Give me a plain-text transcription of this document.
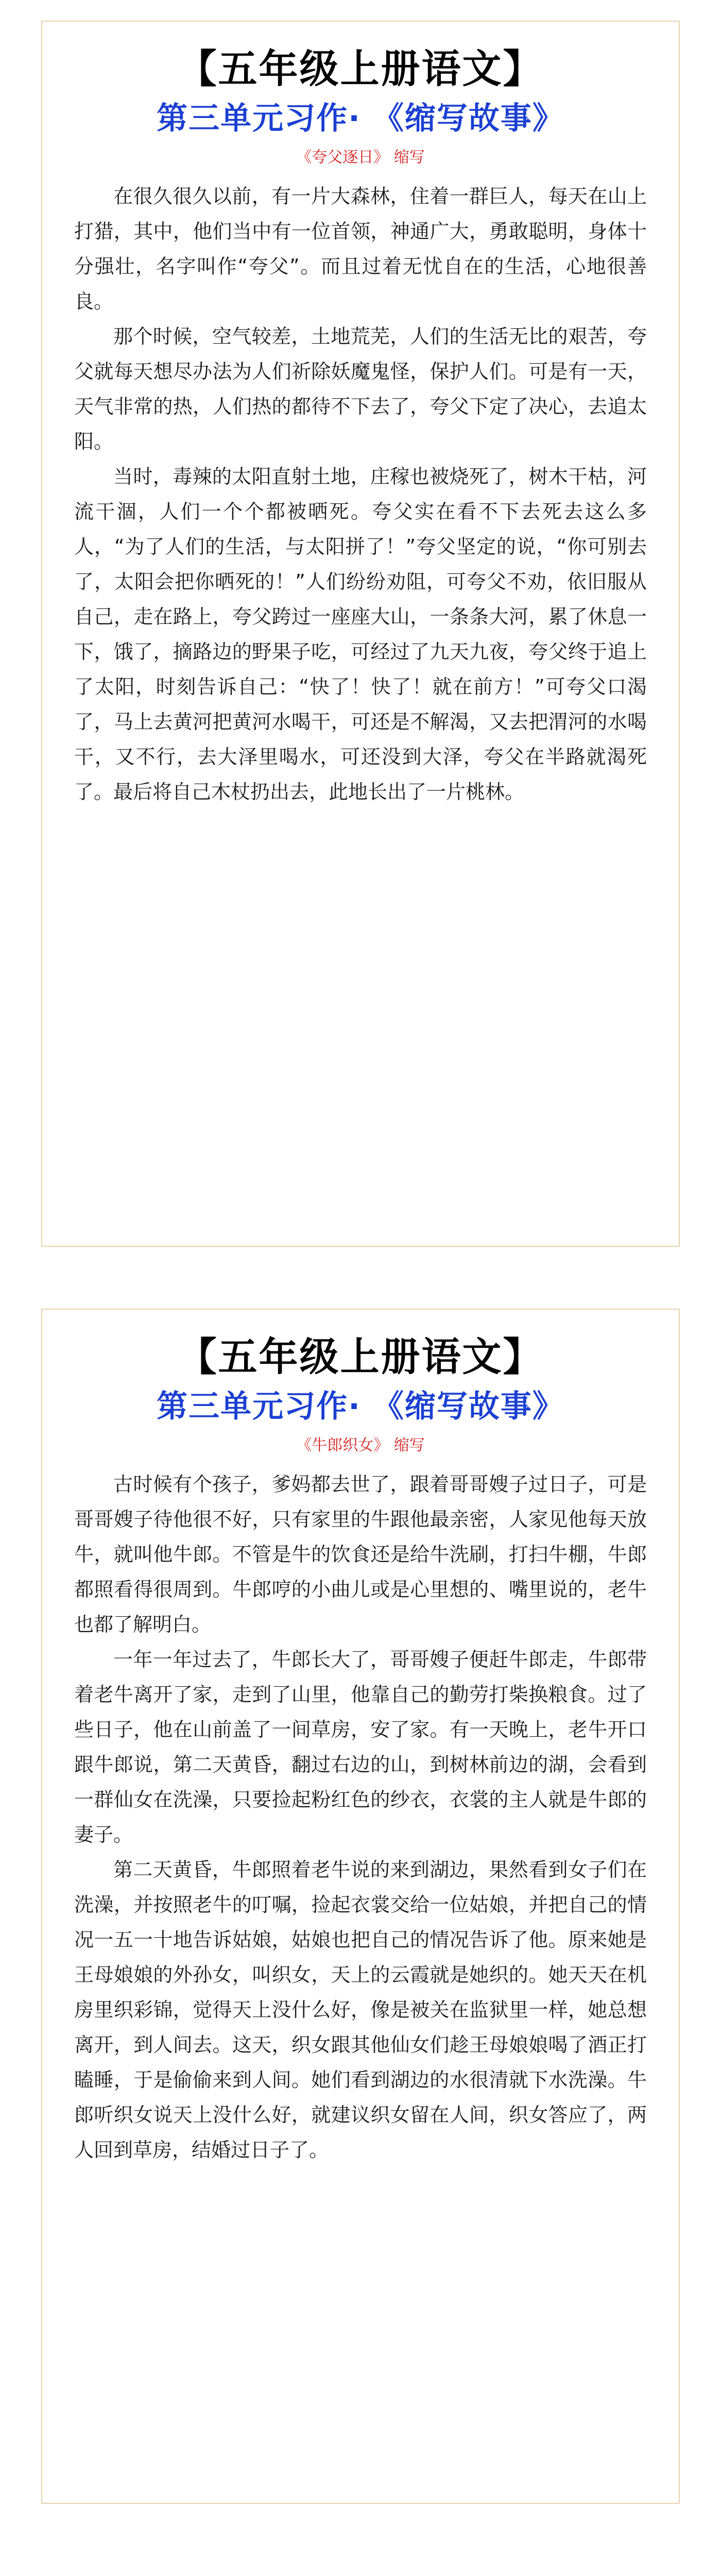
【五年级上册语文】
第三单元习作· 《缩写故事》
《夸父逐日》 缩写

在很久很久以前，有一片大森林，住着一群巨人，每天在山上打猎，其中，他们当中有一位首领，神通广大，勇敢聪明，身体十分强壮，名字叫作“夸父”。而且过着无忧自在的生活，心地很善良。

那个时候，空气较差，土地荒芜，人们的生活无比的艰苦，夸父就每天想尽办法为人们祈除妖魔鬼怪，保护人们。可是有一天，天气非常的热，人们热的都待不下去了，夸父下定了决心，去追太阳。

当时，毒辣的太阳直射土地，庄稼也被烧死了，树木干枯，河流干涸，人们一个个都被晒死。夸父实在看不下去死去这么多人，“为了人们的生活，与太阳拼了！”夸父坚定的说，“你可别去了，太阳会把你晒死的！”人们纷纷劝阻，可夸父不劝，依旧服从自己，走在路上，夸父跨过一座座大山，一条条大河，累了休息一下，饿了，摘路边的野果子吃，可经过了九天九夜，夸父终于追上了太阳，时刻告诉自己：“快了！快了！就在前方！”可夸父口渴了，马上去黄河把黄河水喝干，可还是不解渴，又去把渭河的水喝干，又不行，去大泽里喝水，可还没到大泽，夸父在半路就渴死了。最后将自己木杖扔出去，此地长出了一片桃林。

【五年级上册语文】
第三单元习作· 《缩写故事》
《牛郎织女》 缩写

古时候有个孩子，爹妈都去世了，跟着哥哥嫂子过日子，可是哥哥嫂子待他很不好，只有家里的牛跟他最亲密，人家见他每天放牛，就叫他牛郎。不管是牛的饮食还是给牛洗刷，打扫牛棚，牛郎都照看得很周到。牛郎哼的小曲儿或是心里想的、嘴里说的，老牛也都了解明白。

一年一年过去了，牛郎长大了，哥哥嫂子便赶牛郎走，牛郎带着老牛离开了家，走到了山里，他靠自己的勤劳打柴换粮食。过了些日子，他在山前盖了一间草房，安了家。有一天晚上，老牛开口跟牛郎说，第二天黄昏，翻过右边的山，到树林前边的湖，会看到一群仙女在洗澡，只要捡起粉红色的纱衣，衣裳的主人就是牛郎的妻子。

第二天黄昏，牛郎照着老牛说的来到湖边，果然看到女子们在洗澡，并按照老牛的叮嘱，捡起衣裳交给一位姑娘，并把自己的情况一五一十地告诉姑娘，姑娘也把自己的情况告诉了他。原来她是王母娘娘的外孙女，叫织女，天上的云霞就是她织的。她天天在机房里织彩锦，觉得天上没什么好，像是被关在监狱里一样，她总想离开，到人间去。这天，织女跟其他仙女们趁王母娘娘喝了酒正打瞌睡，于是偷偷来到人间。她们看到湖边的水很清就下水洗澡。牛郎听织女说天上没什么好，就建议织女留在人间，织女答应了，两人回到草房，结婚过日子了。
